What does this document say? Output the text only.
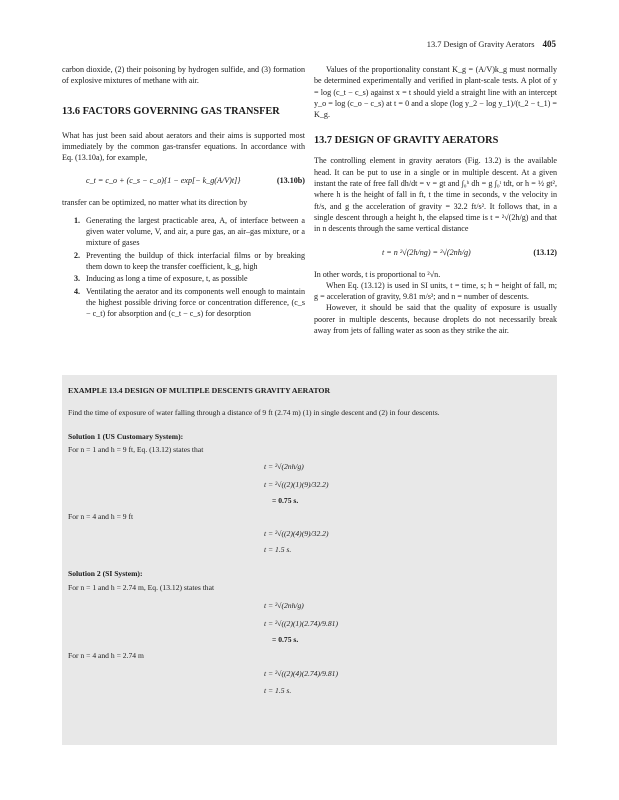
13.7 Design of Gravity Aerators 405

carbon dioxide, (2) their poisoning by hydrogen sulfide, and (3) formation of explosive mixtures of methane with air.

13.6 FACTORS GOVERNING GAS TRANSFER

What has just been said about aerators and their aims is supported most immediately by the common gas-transfer equations. In accordance with Eq. (13.10a), for example,

c_t = c_o + (c_s − c_o){1 − exp[− k_g(A/V)t]}	(13.10b)

transfer can be optimized, no matter what its direction by

1. Generating the largest practicable area, A, of interface between a given water volume, V, and air, a pure gas, an air–gas mixture, or a mixture of gases
2. Preventing the buildup of thick interfacial films or by breaking them down to keep the transfer coefficient, k_g, high
3. Inducing as long a time of exposure, t, as possible
4. Ventilating the aerator and its components well enough to maintain the highest possible driving force or concentration difference, (c_s − c_t) for absorption and (c_t − c_s) for desorption

Values of the proportionality constant K_g = (A/V)k_g must normally be determined experimentally and verified in plant-scale tests. A plot of y = log (c_t − c_s) against x = t should yield a straight line with an intercept y_o = log (c_o − c_s) at t = 0 and a slope (log y_2 − log y_1)/(t_2 − t_1) = K_g.

13.7 DESIGN OF GRAVITY AERATORS

The controlling element in gravity aerators (Fig. 13.2) is the available head. It can be put to use in a single or in multiple descent. At a given instant the rate of free fall dh/dt = v = gt and ∫₀ʰ dh = g ∫₀ᵗ tdt, or h = ½ gt², where h is the height of fall in ft, t the time in seconds, v the velocity in ft/s, and g the acceleration of gravity = 32.2 ft/s². It follows that, in a single descent through a height h, the elapsed time is t = ²√(2h/g) and that in n descents through the same vertical distance

t = n ²√(2h/ng) = ²√(2nh/g)	(13.12)

In other words, t is proportional to ²√n.

When Eq. (13.12) is used in SI units, t = time, s; h = height of fall, m; g = acceleration of gravity, 9.81 m/s²; and n = number of descents.

However, it should be said that the quality of exposure is usually poorer in multiple descents, because droplets do not necessarily break away from jets of falling water as soon as they strike the air.

EXAMPLE 13.4 DESIGN OF MULTIPLE DESCENTS GRAVITY AERATOR
Find the time of exposure of water falling through a distance of 9 ft (2.74 m) (1) in single descent and (2) in four descents.
Solution 1 (US Customary System):
For n = 1 and h = 9 ft, Eq. (13.12) states that
t = ²√(2nh/g)
t = ²√((2)(1)(9)/32.2)
= 0.75 s.
For n = 4 and h = 9 ft
t = ²√((2)(4)(9)/32.2)
t = 1.5 s.
Solution 2 (SI System):
For n = 1 and h = 2.74 m, Eq. (13.12) states that
t = ²√(2nh/g)
t = ²√((2)(1)(2.74)/9.81)
= 0.75 s.
For n = 4 and h = 2.74 m
t = ²√((2)(4)(2.74)/9.81)
t = 1.5 s.
